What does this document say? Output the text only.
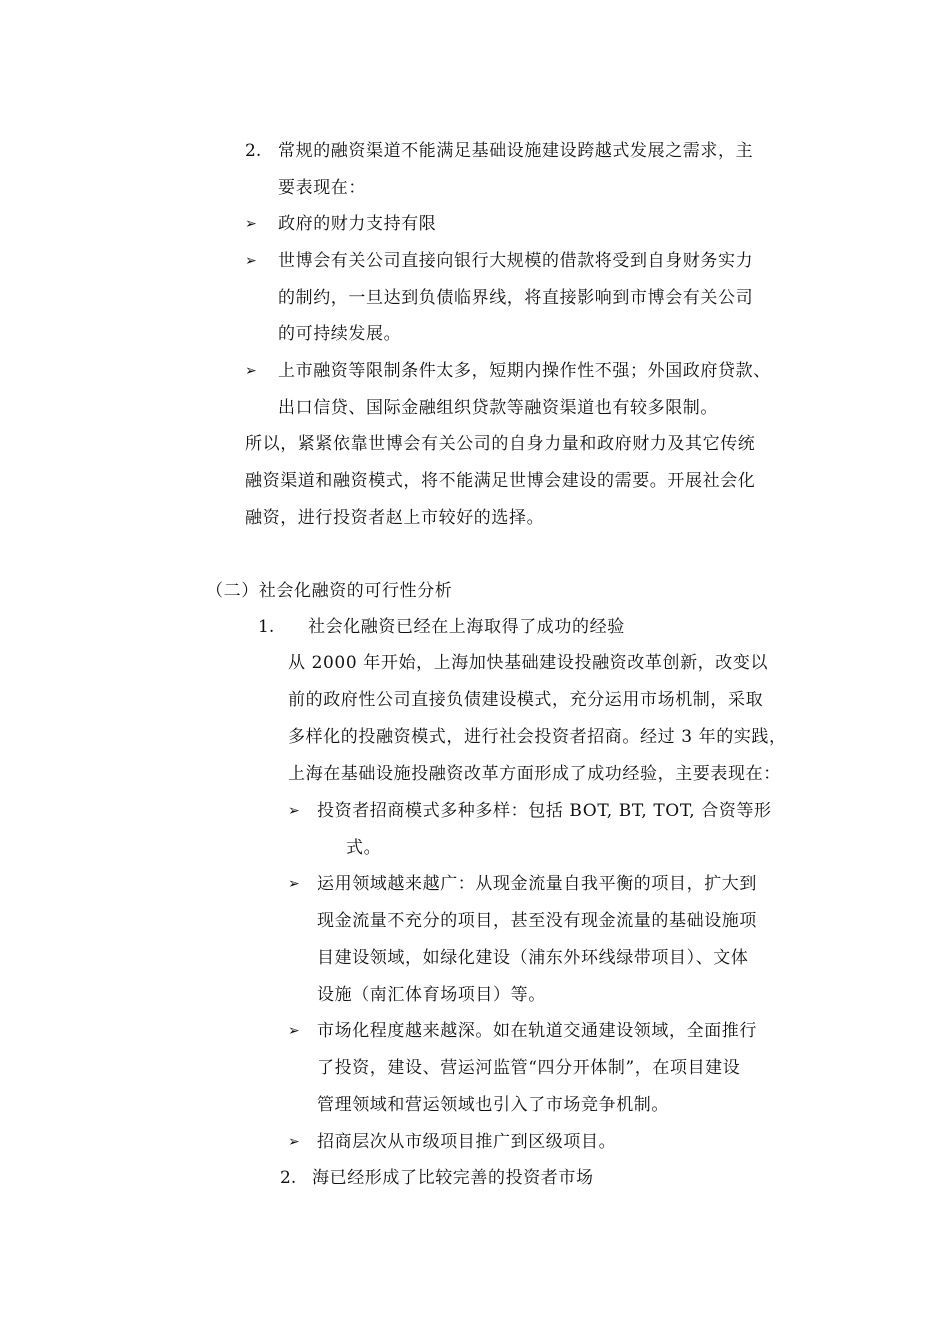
2. 常规的融资渠道不能满足基础设施建设跨越式发展之需求，主
要表现在：
➢ 政府的财力支持有限
➢ 世博会有关公司直接向银行大规模的借款将受到自身财务实力
的制约，一旦达到负债临界线，将直接影响到市博会有关公司
的可持续发展。
➢ 上市融资等限制条件太多，短期内操作性不强；外国政府贷款、
出口信贷、国际金融组织贷款等融资渠道也有较多限制。
所以，紧紧依靠世博会有关公司的自身力量和政府财力及其它传统
融资渠道和融资模式，将不能满足世博会建设的需要。开展社会化
融资，进行投资者赵上市较好的选择。
（二）社会化融资的可行性分析
1. 社会化融资已经在上海取得了成功的经验
从 2000 年开始，上海加快基础建设投融资改革创新，改变以
前的政府性公司直接负债建设模式，充分运用市场机制，采取
多样化的投融资模式，进行社会投资者招商。经过 3 年的实践，
上海在基础设施投融资改革方面形成了成功经验，主要表现在：
➢ 投资者招商模式多种多样：包括 BOT, BT, TOT, 合资等形
式。
➢ 运用领域越来越广：从现金流量自我平衡的项目，扩大到
现金流量不充分的项目，甚至没有现金流量的基础设施项
目建设领域，如绿化建设（浦东外环线绿带项目）、文体
设施（南汇体育场项目）等。
➢ 市场化程度越来越深。如在轨道交通建设领域，全面推行
了投资，建设、营运河监管“四分开体制”，在项目建设
管理领域和营运领域也引入了市场竞争机制。
➢ 招商层次从市级项目推广到区级项目。
2. 海已经形成了比较完善的投资者市场
